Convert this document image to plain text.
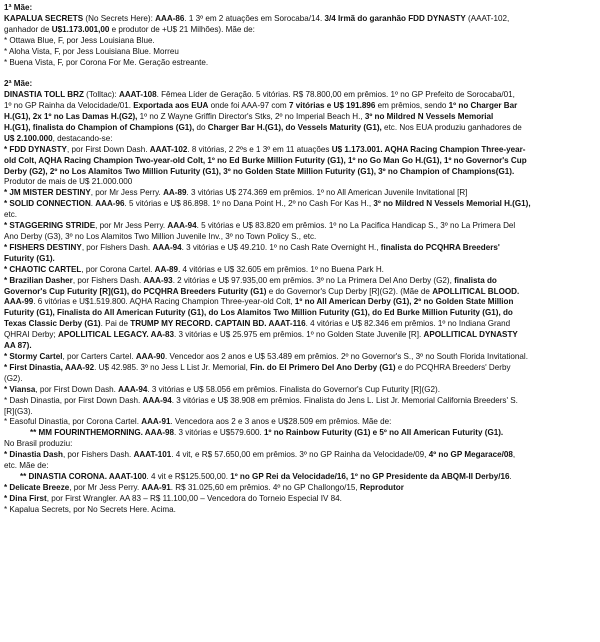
1ª Mãe:
KAPALUA SECRETS (No Secrets Here): AAA-86. 1 3º em 2 atuações em Sorocaba/14. 3/4 Irmã do garanhão FDD DYNASTY (AAAT-102,
ganhador de U$1.173.001,00 e produtor de +U$ 21 Milhões). Mãe de:
* Ottawa Blue, F, por Jess Louisiana Blue.
* Aloha Vista, F, por Jess Louisiana Blue. Morreu
* Buena Vista, F, por Corona For Me. Geração estreante.
2ª Mãe:
DINASTIA TOLL BRZ (Tolltac): AAAT-108. Fêmea Líder de Geração. 5 vitórias. R$ 78.800,00 em prêmios. 1º no GP Prefeito de Sorocaba/01,
1º no GP Rainha da Velocidade/01. Exportada aos EUA onde foi AAA-97 com 7 vitórias e U$ 191.896 em prêmios, sendo 1º no Charger Bar
H.(G1), 2x 1º no Las Damas H.(G2), 1º no Z Wayne Griffin Director's Stks, 2º no Imperial Beach H., 3º no Mildred N Vessels Memorial
H.(G1), finalista do Champion of Champions (G1), do Charger Bar H.(G1), do Vessels Maturity (G1), etc. Nos EUA produziu ganhadores de
U$ 2.100.000, destacando-se:
* FDD DYNASTY, por First Down Dash. AAAT-102. 8 vitórias, 2 2ºs e 1 3º em 11 atuações U$ 1.173.001. AQHA Racing Champion Three-year-
old Colt, AQHA Racing Champion Two-year-old Colt, 1º no Ed Burke Million Futurity (G1), 1º no Go Man Go H.(G1), 1º no Governor's Cup
Derby (G2), 2º no Los Alamitos Two Million Futurity (G1), 3º no Golden State Million Futurity (G1), 3º no Champion of Champions(G1).
Produtor de mais de U$ 21.000.000
* JM MISTER DESTINY, por Mr Jess Perry. AA-89. 3 vitórias U$ 274.369 em prêmios. 1º no All American Juvenile Invitational [R]
* SOLID CONNECTION. AAA-96. 5 vitórias e U$ 86.898. 1º no Dana Point H., 2º no Cash For Kas H., 3º no Mildred N Vessels Memorial H.(G1),
etc.
* STAGGERING STRIDE, por Mr Jess Perry. AAA-94. 5 vitórias e U$ 83.820 em prêmios. 1º no La Pacifica Handicap S., 3º no La Primera Del
Ano Derby (G3), 3º no Los Alamitos Two Million Juvenile Inv., 3º no Town Policy S., etc.
* FISHERS DESTINY, por Fishers Dash. AAA-94. 3 vitórias e U$ 49.210. 1º no Cash Rate Overnight H., finalista do PCQHRA Breeders'
Futurity (G1).
* CHAOTIC CARTEL, por Corona Cartel. AA-89. 4 vitórias e U$ 32.605 em prêmios. 1º no Buena Park H.
* Brazilian Dasher, por Fishers Dash. AAA-93. 2 vitórias e U$ 97.935,00 em prêmios. 3º no La Primera Del Ano Derby (G2), finalista do
Governor's Cup Futurity [R](G1), do PCQHRA Breeders Futurity (G1) e do Governor's Cup Derby [R](G2). (Mãe de APOLLITICAL BLOOD.
AAA-99. 6 vitórias e U$1.519.800. AQHA Racing Champion Three-year-old Colt, 1º no All American Derby (G1), 2º no Golden State Million
Futurity (G1), Finalista do All American Futurity (G1), do Los Alamitos Two Million Futurity (G1), do Ed Burke Million Futurity (G1), do
Texas Classic Derby (G1). Pai de TRUMP MY RECORD. CAPTAIN BD. AAAT-116. 4 vitórias e U$ 82.346 em prêmios. 1º no Indiana Grand
QHRAI Derby; APOLLITICAL LEGACY. AA-83. 3 vitórias e U$ 25.975 em prêmios. 1º no Golden State Juvenile [R]. APOLLITICAL DYNASTY
AA 87).
* Stormy Cartel, por Carters Cartel. AAA-90. Vencedor aos 2 anos e U$ 53.489 em prêmios. 2º no Governor's S., 3º no South Florida Invitational.
* First Dinastia, AAA-92. U$ 42.985. 3º no Jess L List Jr. Memorial, Fin. do El Primero Del Ano Derby (G1) e do PCQHRA Breeders' Derby
(G2).
* Viansa, por First Down Dash. AAA-94. 3 vitórias e U$ 58.056 em prêmios. Finalista do Governor's Cup Futurity [R](G2).
* Dash Dinastia, por First Down Dash. AAA-94. 3 vitórias e U$ 38.908 em prêmios. Finalista do Jens L. List Jr. Memorial California Breeders' S.
[R](G3).
* Easoful Dinastia, por Corona Cartel. AAA-91. Vencedora aos 2 e 3 anos e U$28.509 em prêmios. Mãe de:
** MM FOURINTHEMORNING. AAA-98. 3 vitórias e U$579.600. 1º no Rainbow Futurity (G1) e 5º no All American Futurity (G1).
No Brasil produziu:
* Dinastia Dash, por Fishers Dash. AAAT-101. 4 vit, e R$ 57.650,00 em prêmios. 3º no GP Rainha da Velocidade/09, 4º no GP Megarace/08,
etc. Mãe de:
** DINASTIA CORONA. AAAT-100. 4 vit e R$125.500,00. 1º no GP Rei da Velocidade/16, 1º no GP Presidente da ABQM-II Derby/16.
* Delicate Breeze, por Mr Jess Perry. AAA-91. R$ 31.025,60 em prêmios. 4º no GP Challongo/15, Reprodutor
* Dina First, por First Wrangler. AA 83 – R$ 11.100,00 – Vencedora do Torneio Especial IV 84.
* Kapalua Secrets, por No Secrets Here. Acima.
